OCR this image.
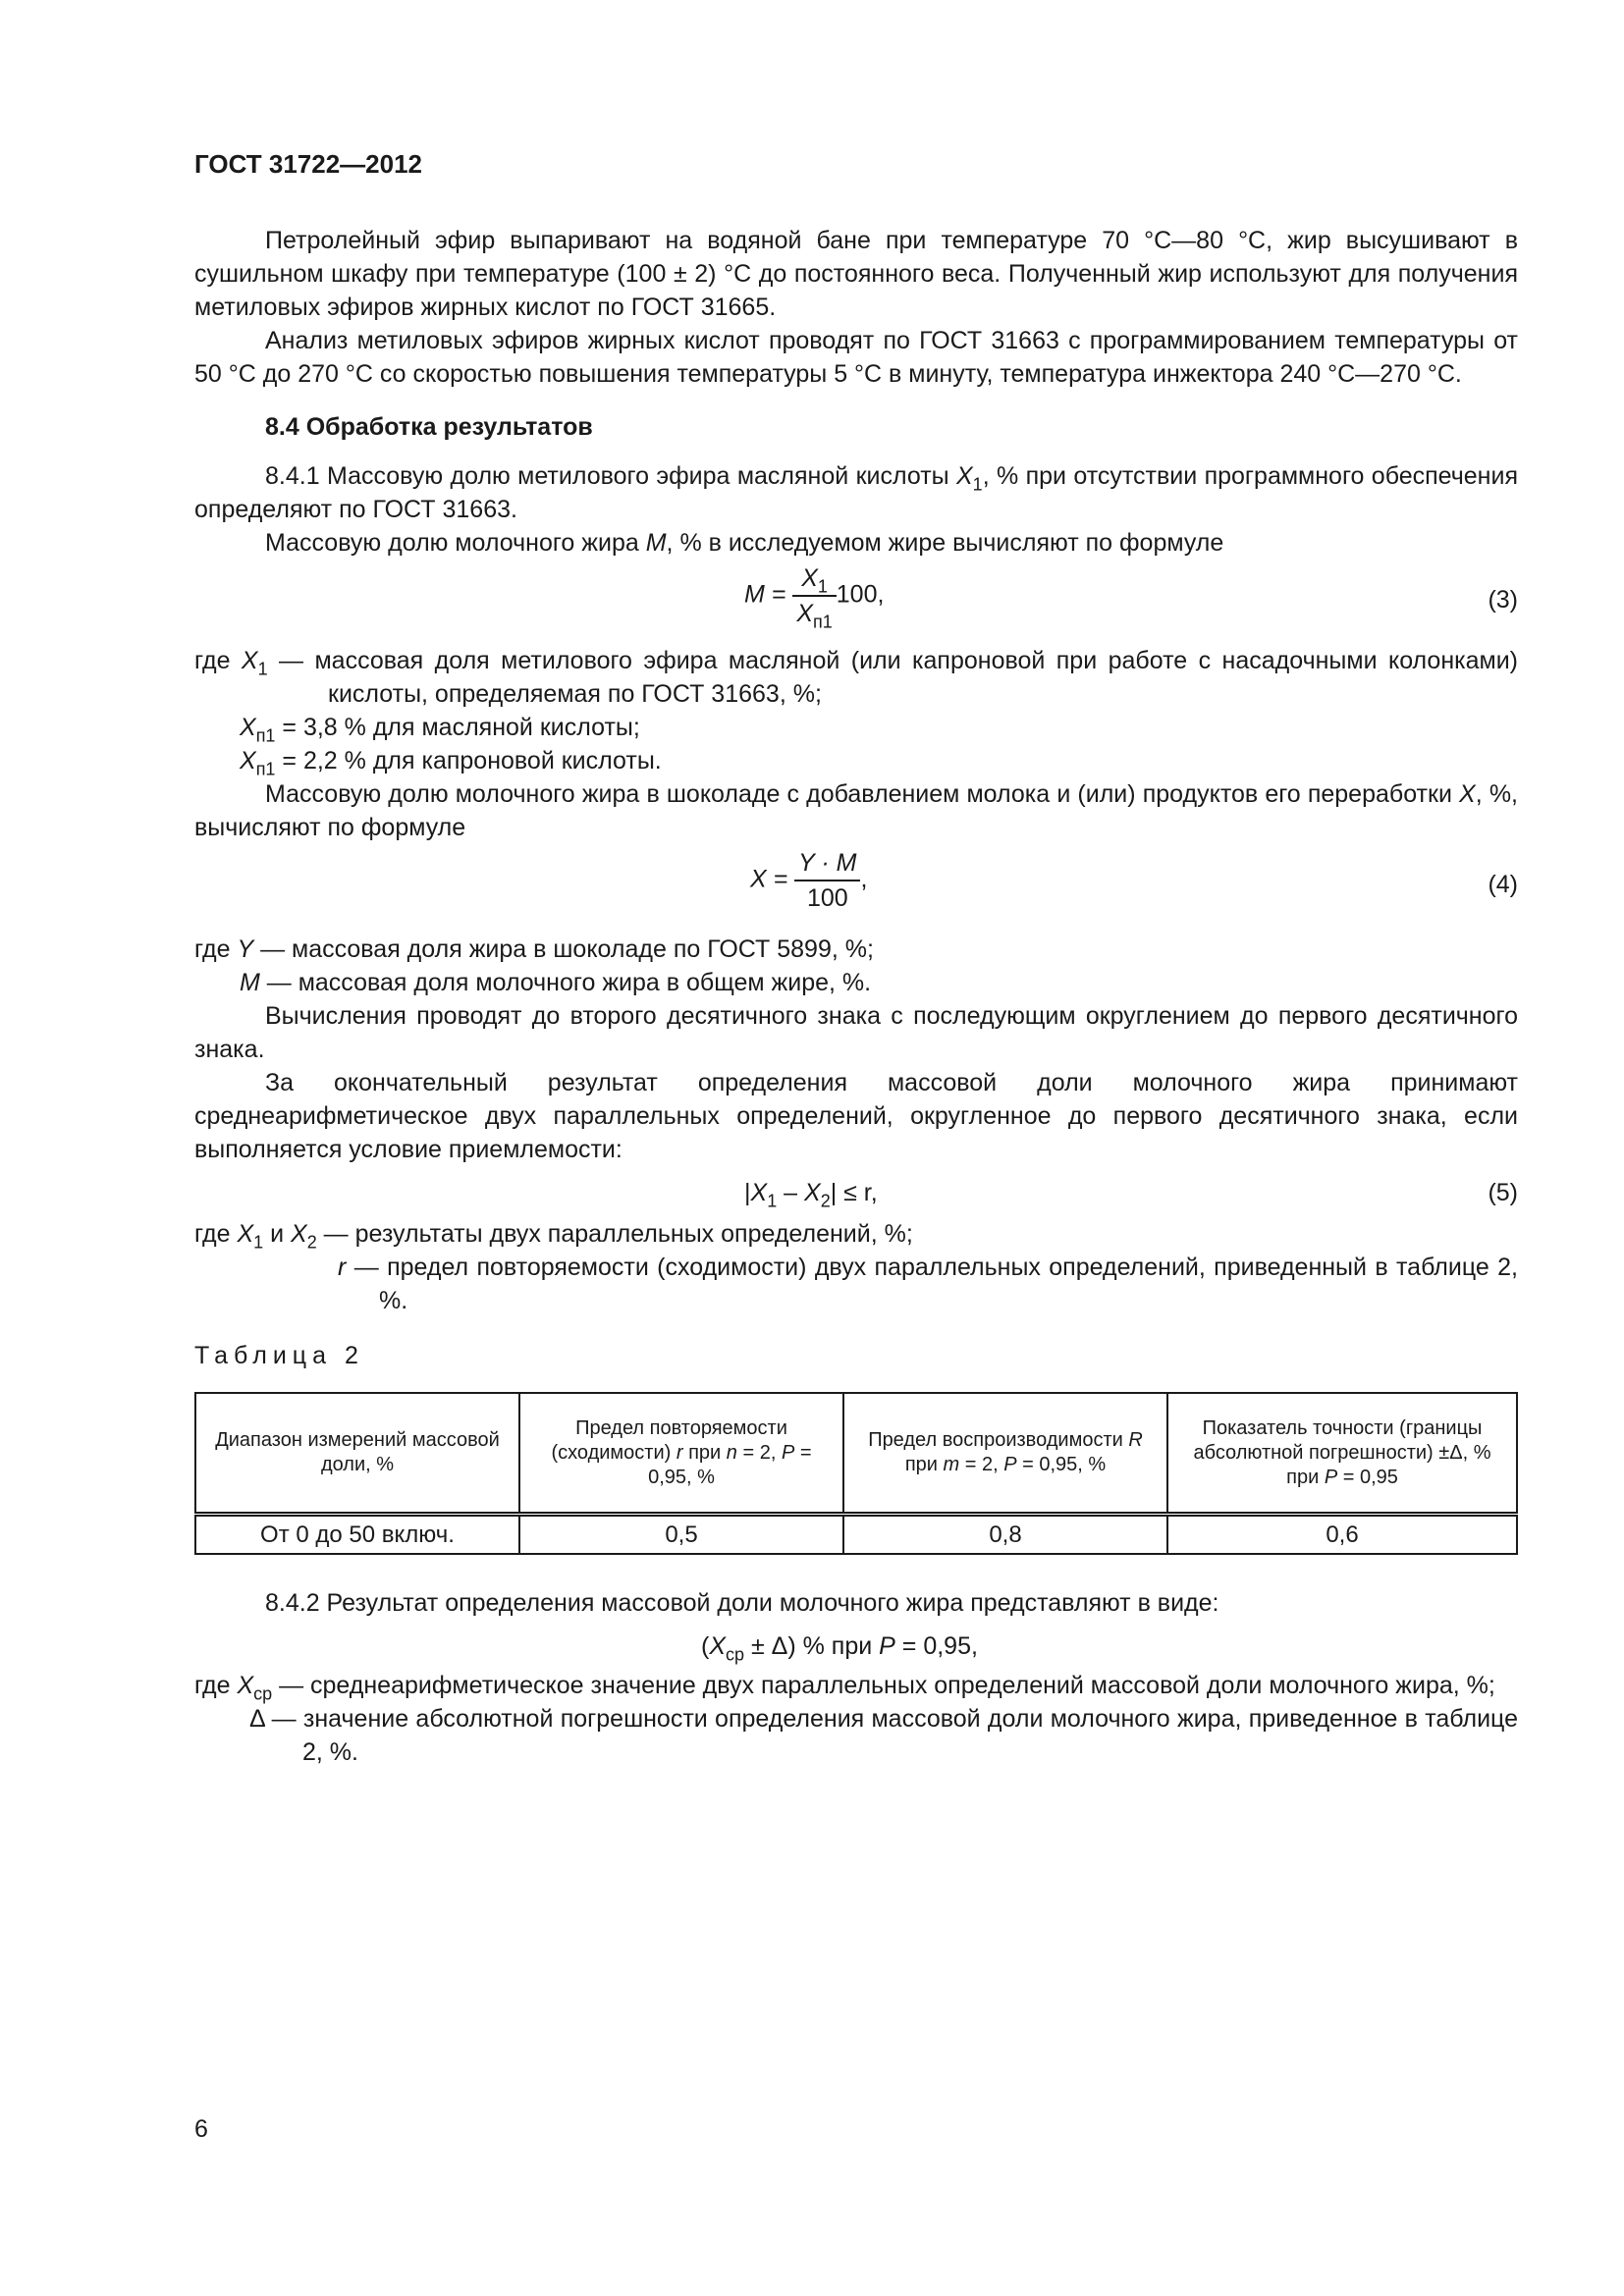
ГОСТ 31722—2012

Петролейный эфир выпаривают на водяной бане при температуре 70 °С—80 °С, жир высушивают в сушильном шкафу при температуре (100 ± 2) °С до постоянного веса. Полученный жир используют для получения метиловых эфиров жирных кислот по ГОСТ 31665.

Анализ метиловых эфиров жирных кислот проводят по ГОСТ 31663 с программированием температуры от 50 °С до 270 °С со скоростью повышения температуры 5 °С в минуту, температура инжектора 240 °С—270 °С.

8.4 Обработка результатов

8.4.1 Массовую долю метилового эфира масляной кислоты $X_1$, % при отсутствии программного обеспечения определяют по ГОСТ 31663.

Массовую долю молочного жира M, % в исследуемом жире вычисляют по формуле

$M = \frac{X_1}{X_{п1}} 100$,	(3)

где $X_1$ — массовая доля метилового эфира масляной (или капроновой при работе с насадочными колонками) кислоты, определяемая по ГОСТ 31663, %;

$X_{п1} = 3,8$ % для масляной кислоты;

$X_{п1} = 2,2$ % для капроновой кислоты.

Массовую долю молочного жира в шоколаде с добавлением молока и (или) продуктов его переработки X, %, вычисляют по формуле

$X = \frac{Y \cdot M}{100}$ ,	(4)

где Y — массовая доля жира в шоколаде по ГОСТ 5899, %;

M — массовая доля молочного жира в общем жире, %.

Вычисления проводят до второго десятичного знака с последующим округлением до первого десятичного знака.

За окончательный результат определения массовой доли молочного жира принимают среднеарифметическое двух параллельных определений, округленное до первого десятичного знака, если выполняется условие приемлемости:

$|X_1 - X_2| \le r$,	(5)

где $X_1$ и $X_2$ — результаты двух параллельных определений, %;

r — предел повторяемости (сходимости) двух параллельных определений, приведенный в таблице 2, %.

Таблица 2

Диапазон измерений массовой доли, %	Предел повторяемости (сходимости) r при n = 2, P = 0,95, %	Предел воспроизводимости R при m = 2, P = 0,95, %	Показатель точности (границы абсолютной погрешности) ±Δ, % при P = 0,95
От 0 до 50 включ.	0,5	0,8	0,6

8.4.2 Результат определения массовой доли молочного жира представляют в виде:

$(X_{ср} \pm \Delta)$ % при P = 0,95,

где $X_{ср}$ — среднеарифметическое значение двух параллельных определений массовой доли молочного жира, %;

Δ — значение абсолютной погрешности определения массовой доли молочного жира, приведенное в таблице 2, %.

6
